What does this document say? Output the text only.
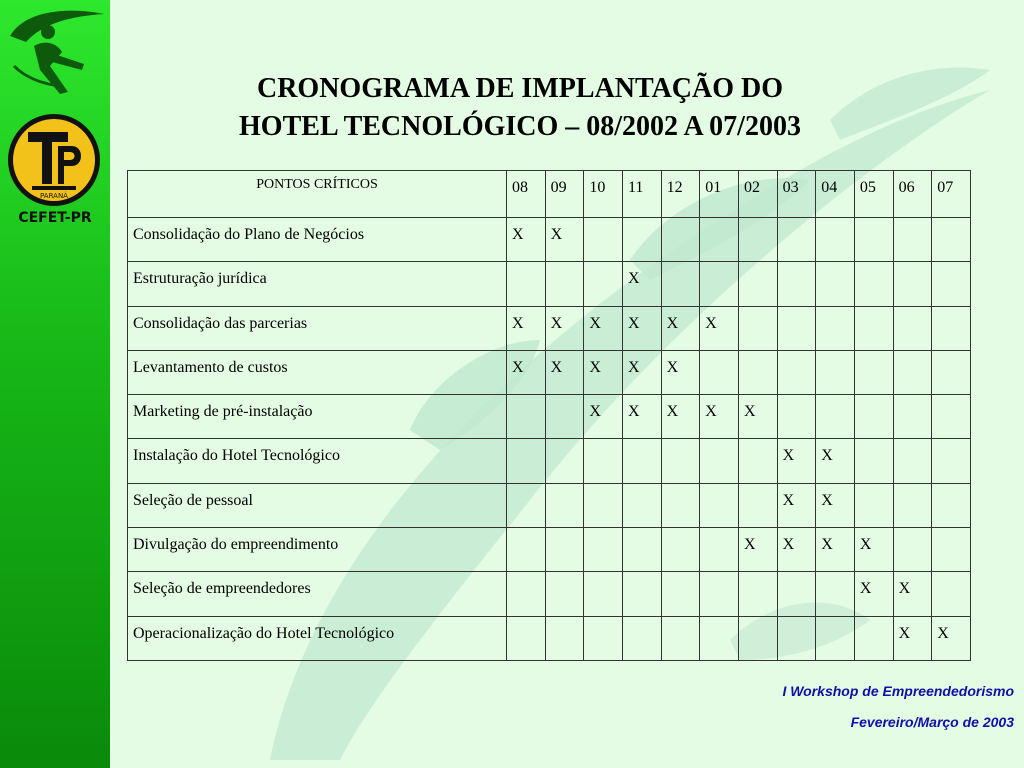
PARANÁ
CEFET-PR
CRONOGRAMA DE IMPLANTAÇÃO DO
HOTEL TECNOLÓGICO – 08/2002 A 07/2003
PONTOS CRÍTICOS	08	09	10	11	12	01	02	03	04	05	06	07
Consolidação do Plano de Negócios	X	X										
Estruturação jurídica				X								
Consolidação das parcerias	X	X	X	X	X	X						
Levantamento de custos	X	X	X	X	X							
Marketing de pré-instalação			X	X	X	X	X					
Instalação do Hotel Tecnológico								X	X			
Seleção de pessoal								X	X			
Divulgação do empreendimento							X	X	X	X		
Seleção de empreendedores										X	X	
Operacionalização do Hotel Tecnológico											X	X
I Workshop de Empreendedorismo
Fevereiro/Março de 2003
